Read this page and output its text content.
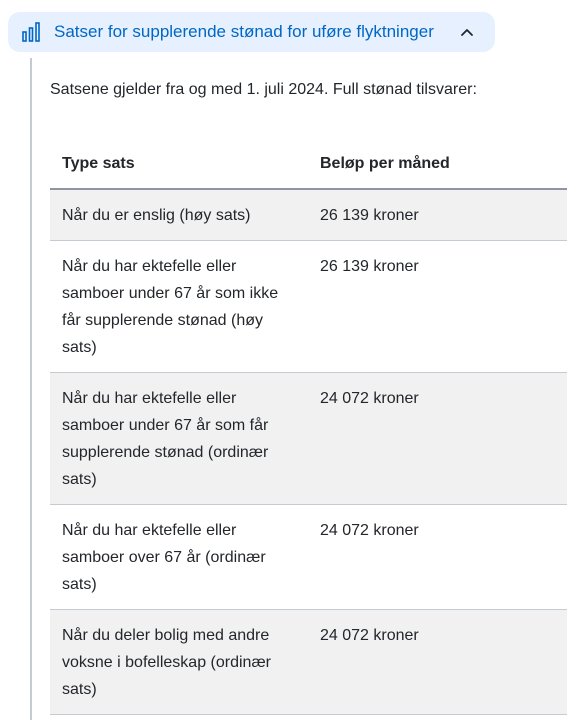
Satser for supplerende stønad for uføre flyktninger
Satsene gjelder fra og med 1. juli 2024. Full stønad tilsvarer:
Type sats	Beløp per måned
Når du er enslig (høy sats)	26 139 kroner
Når du har ektefelle eller samboer under 67 år som ikke får supplerende stønad (høy sats)	26 139 kroner
Når du har ektefelle eller samboer under 67 år som får supplerende stønad (ordinær sats)	24 072 kroner
Når du har ektefelle eller samboer over 67 år (ordinær sats)	24 072 kroner
Når du deler bolig med andre voksne i bofelleskap (ordinær sats)	24 072 kroner
